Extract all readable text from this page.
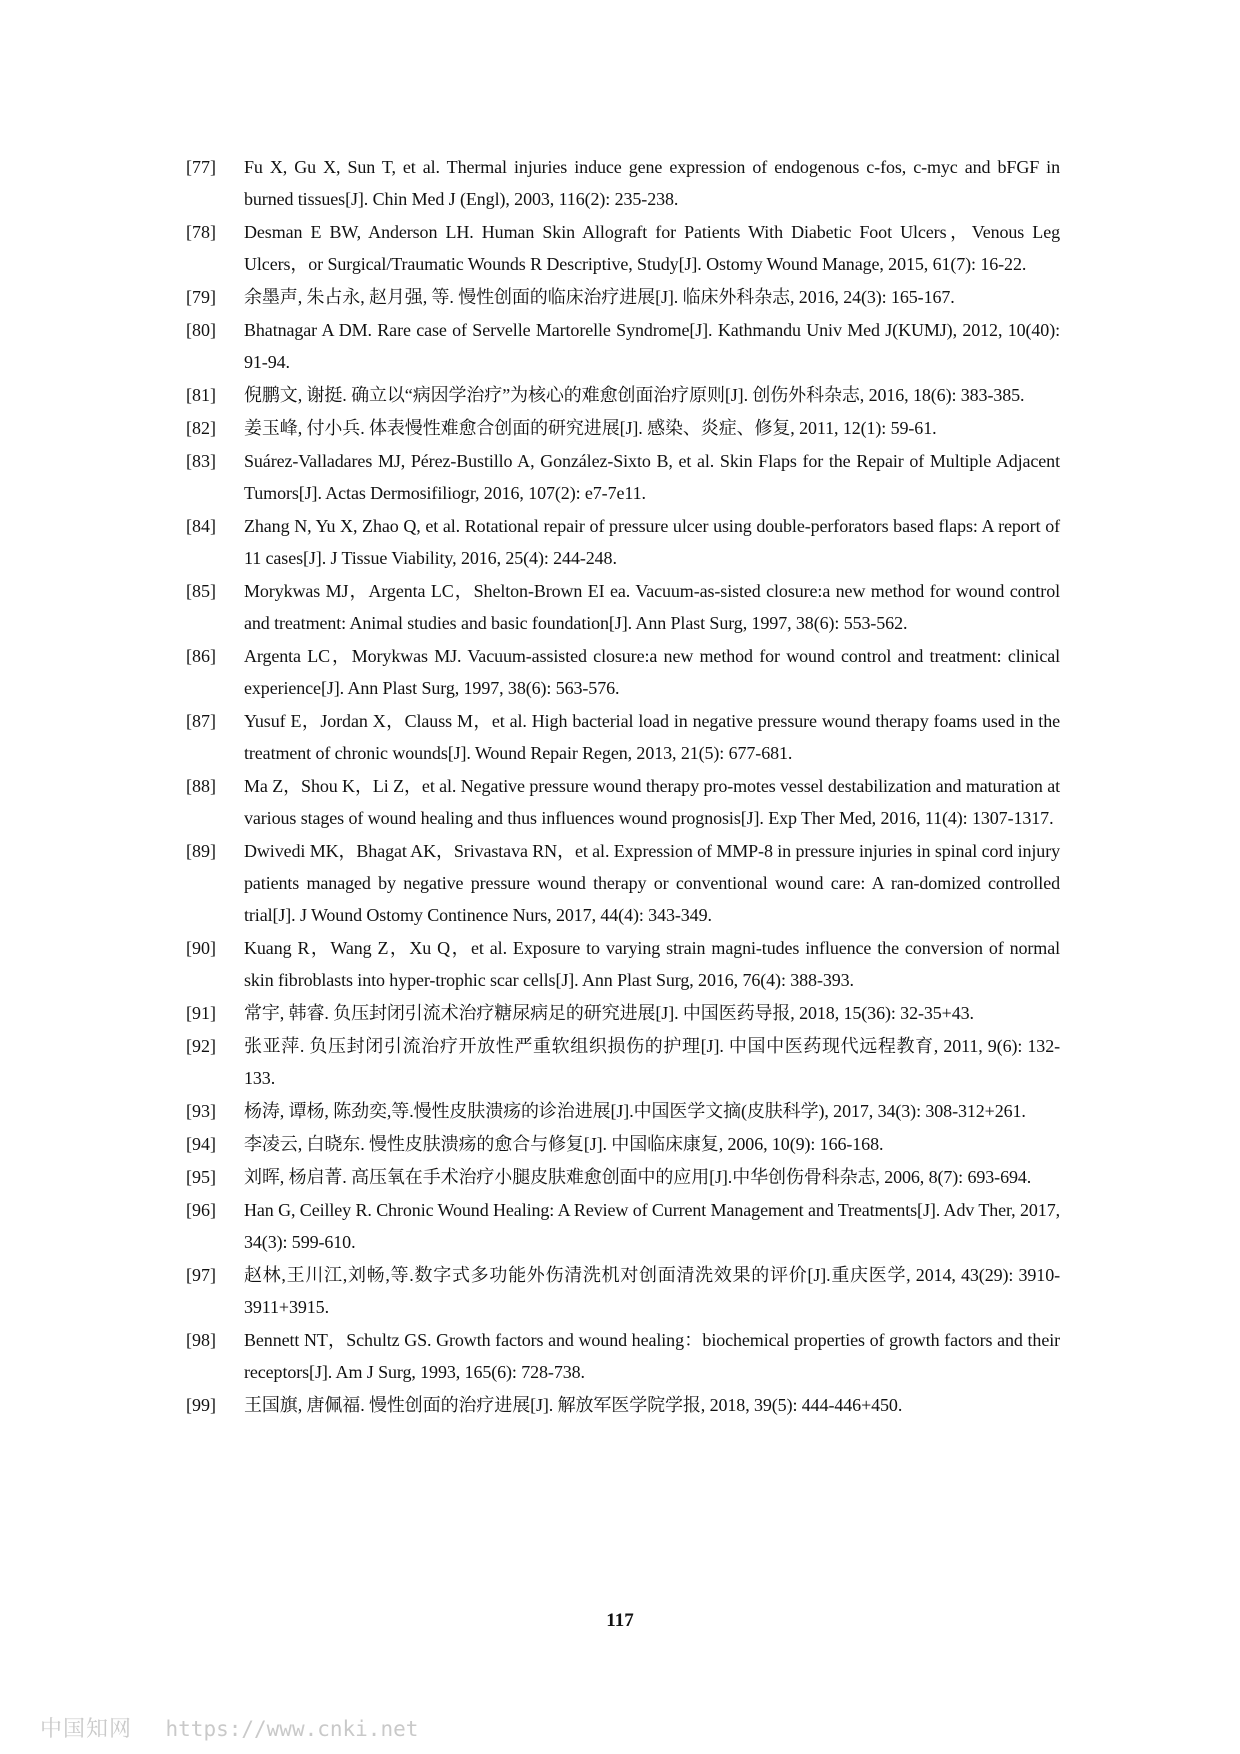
[77]	Fu X, Gu X, Sun T, et al. Thermal injuries induce gene expression of endogenous c-fos, c-myc and bFGF in burned tissues[J]. Chin Med J (Engl), 2003, 116(2): 235-238.
[78]	Desman E BW, Anderson LH. Human Skin Allograft for Patients With Diabetic Foot Ulcers，Venous Leg Ulcers，or Surgical/Traumatic Wounds R Descriptive, Study[J]. Ostomy Wound Manage, 2015, 61(7): 16-22.
[79]	余墨声, 朱占永, 赵月强, 等. 慢性创面的临床治疗进展[J]. 临床外科杂志, 2016, 24(3): 165-167.
[80]	Bhatnagar A DM. Rare case of Servelle Martorelle Syndrome[J]. Kathmandu Univ Med J(KUMJ), 2012, 10(40): 91-94.
[81]	倪鹏文, 谢挺. 确立以“病因学治疗”为核心的难愈创面治疗原则[J]. 创伤外科杂志, 2016, 18(6): 383-385.
[82]	姜玉峰, 付小兵. 体表慢性难愈合创面的研究进展[J]. 感染、炎症、修复, 2011, 12(1): 59-61.
[83]	Suárez-Valladares MJ, Pérez-Bustillo A, González-Sixto B, et al. Skin Flaps for the Repair of Multiple Adjacent Tumors[J]. Actas Dermosifiliogr, 2016, 107(2): e7-7e11.
[84]	Zhang N, Yu X, Zhao Q, et al. Rotational repair of pressure ulcer using double-perforators based flaps: A report of 11 cases[J]. J Tissue Viability, 2016, 25(4): 244-248.
[85]	Morykwas MJ，Argenta LC，Shelton-Brown EI ea. Vacuum-as-sisted closure:a new method for wound control and treatment: Animal studies and basic foundation[J]. Ann Plast Surg, 1997, 38(6): 553-562.
[86]	Argenta LC，Morykwas MJ. Vacuum-assisted closure:a new method for wound control and treatment: clinical experience[J]. Ann Plast Surg, 1997, 38(6): 563-576.
[87]	Yusuf E，Jordan X，Clauss M，et al. High bacterial load in negative pressure wound therapy foams used in the treatment of chronic wounds[J]. Wound Repair Regen, 2013, 21(5): 677-681.
[88]	Ma Z，Shou K，Li Z，et al. Negative pressure wound therapy pro-motes vessel destabilization and maturation at various stages of wound healing and thus influences wound prognosis[J]. Exp Ther Med, 2016, 11(4): 1307-1317.
[89]	Dwivedi MK，Bhagat AK，Srivastava RN，et al. Expression of MMP-8 in pressure injuries in spinal cord injury patients managed by negative pressure wound therapy or conventional wound care: A ran-domized controlled trial[J]. J Wound Ostomy Continence Nurs, 2017, 44(4): 343-349.
[90]	Kuang R，Wang Z，Xu Q，et al. Exposure to varying strain magni-tudes influence the conversion of normal skin fibroblasts into hyper-trophic scar cells[J]. Ann Plast Surg, 2016, 76(4): 388-393.
[91]	常宇, 韩睿. 负压封闭引流术治疗糖尿病足的研究进展[J]. 中国医药导报, 2018, 15(36): 32-35+43.
[92]	张亚萍. 负压封闭引流治疗开放性严重软组织损伤的护理[J]. 中国中医药现代远程教育, 2011, 9(6): 132-133.
[93]	杨涛, 谭杨, 陈劲奕,等.慢性皮肤溃疡的诊治进展[J].中国医学文摘(皮肤科学), 2017, 34(3): 308-312+261.
[94]	李凌云, 白晓东. 慢性皮肤溃疡的愈合与修复[J]. 中国临床康复, 2006, 10(9): 166-168.
[95]	刘晖, 杨启菁. 高压氧在手术治疗小腿皮肤难愈创面中的应用[J].中华创伤骨科杂志, 2006, 8(7): 693-694.
[96]	Han G, Ceilley R. Chronic Wound Healing: A Review of Current Management and Treatments[J]. Adv Ther, 2017, 34(3): 599-610.
[97]	赵林,王川江,刘畅,等.数字式多功能外伤清洗机对创面清洗效果的评价[J].重庆医学, 2014, 43(29): 3910-3911+3915.
[98]	Bennett NT，Schultz GS. Growth factors and wound healing：biochemical properties of growth factors and their receptors[J]. Am J Surg, 1993, 165(6): 728-738.
[99]	王国旗, 唐佩福. 慢性创面的治疗进展[J]. 解放军医学院学报, 2018, 39(5): 444-446+450.
117
中国知网 https://www.cnki.net
